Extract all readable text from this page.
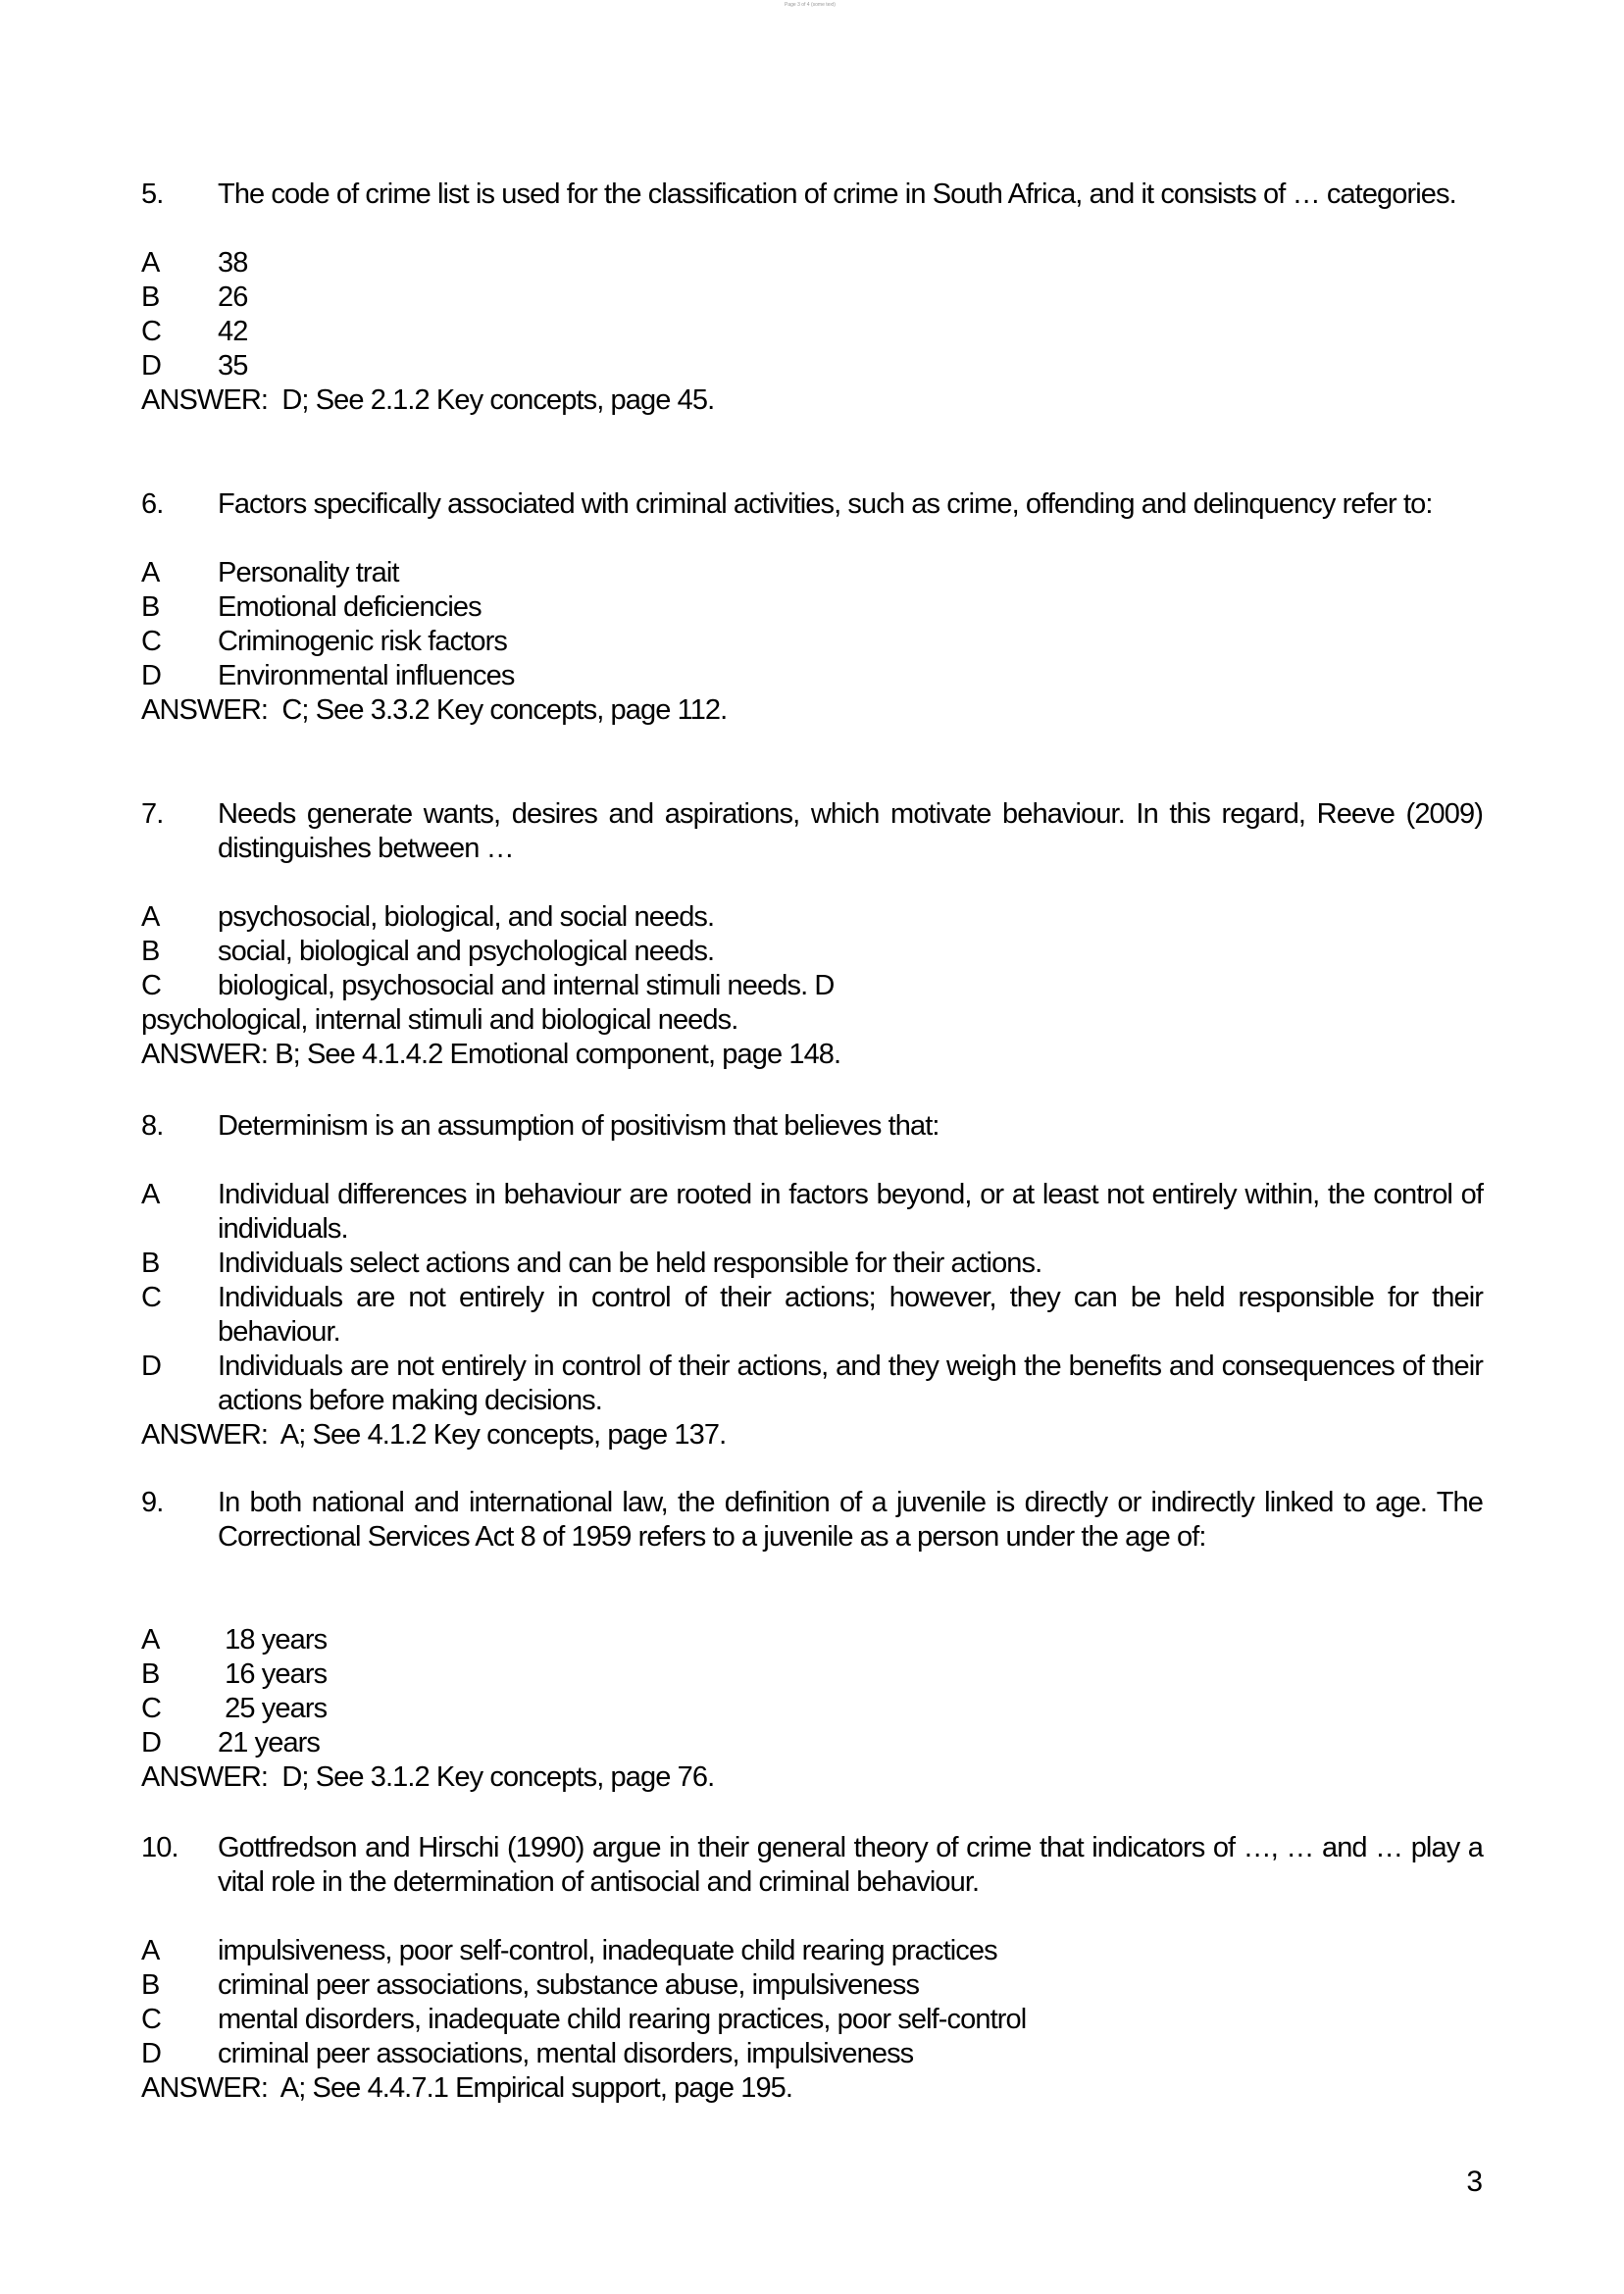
Page 3 of 4 (some text)
5.	The code of crime list is used for the classification of crime in South Africa, and it consists of … categories.
A	38
B	26
C	42
D	35
ANSWER:  D; See 2.1.2 Key concepts, page 45.
6.	Factors specifically associated with criminal activities, such as crime, offending and delinquency refer to:
A	Personality trait
B	Emotional deficiencies
C	Criminogenic risk factors
D	Environmental influences
ANSWER:  C; See 3.3.2 Key concepts, page 112.
7.	Needs generate wants, desires and aspirations, which motivate behaviour. In this regard, Reeve (2009) distinguishes between …
A	psychosocial, biological, and social needs.
B	social, biological and psychological needs.
C	biological, psychosocial and internal stimuli needs. D
psychological, internal stimuli and biological needs.
ANSWER: B; See 4.1.4.2 Emotional component, page 148.
8.	Determinism is an assumption of positivism that believes that:
A	Individual differences in behaviour are rooted in factors beyond, or at least not entirely within, the control of individuals.
B	Individuals select actions and can be held responsible for their actions.
C	Individuals are not entirely in control of their actions; however, they can be held responsible for their behaviour.
D	Individuals are not entirely in control of their actions, and they weigh the benefits and consequences of their actions before making decisions.
ANSWER:  A; See 4.1.2 Key concepts, page 137.
9.	In both national and international law, the definition of a juvenile is directly or indirectly linked to age. The Correctional Services Act 8 of 1959 refers to a juvenile as a person under the age of:
A	18 years
B	16 years
C	25 years
D	21 years
ANSWER:  D; See 3.1.2 Key concepts, page 76.
10.	Gottfredson and Hirschi (1990) argue in their general theory of crime that indicators of …, … and … play a vital role in the determination of antisocial and criminal behaviour.
A	impulsiveness, poor self-control, inadequate child rearing practices
B	criminal peer associations, substance abuse, impulsiveness
C	mental disorders, inadequate child rearing practices, poor self-control
D	criminal peer associations, mental disorders, impulsiveness
ANSWER:  A; See 4.4.7.1 Empirical support, page 195.
3
